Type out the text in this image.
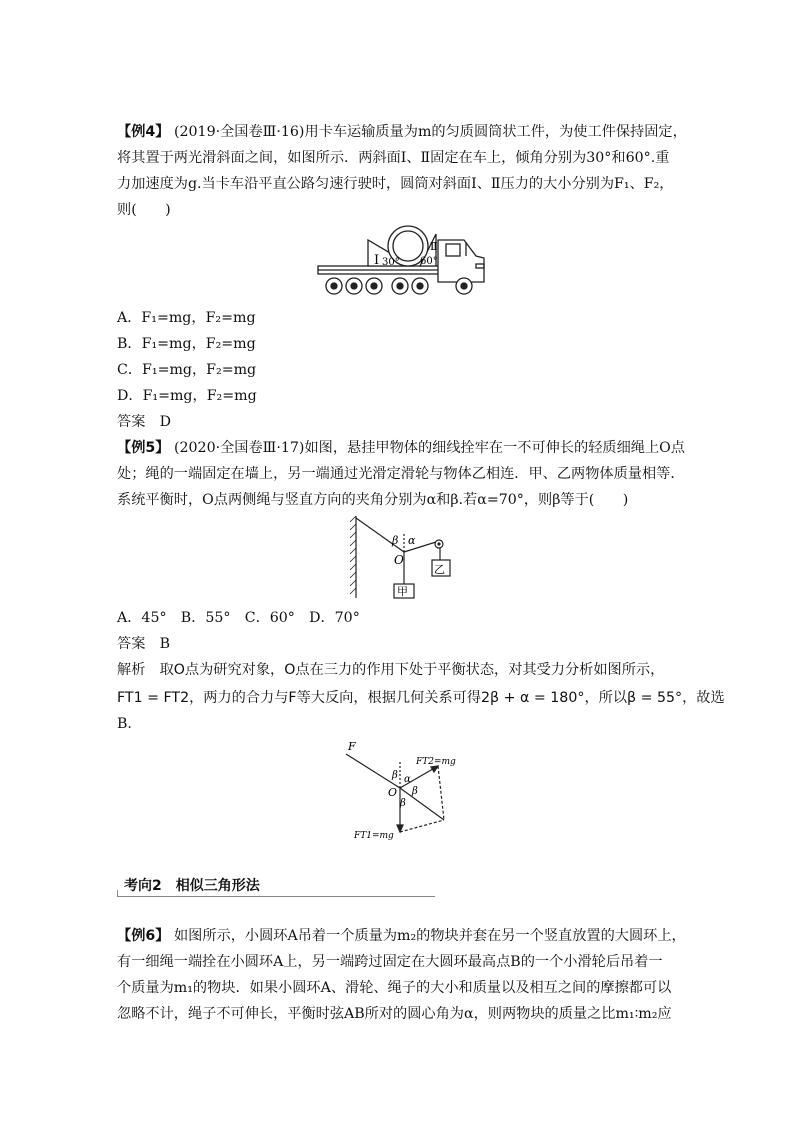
【例4】 (2019·全国卷Ⅲ·16)用卡车运输质量为m的匀质圆筒状工件，为使工件保持固定，
将其置于两光滑斜面之间，如图所示．两斜面Ⅰ、Ⅱ固定在车上，倾角分别为30°和60°.重
力加速度为g.当卡车沿平直公路匀速行驶时，圆筒对斜面Ⅰ、Ⅱ压力的大小分别为F₁、F₂，
则(　　)
Ⅰ 30°
Ⅱ
60°
A．F₁=mg，F₂=mg
B．F₁=mg，F₂=mg
C．F₁=mg，F₂=mg
D．F₁=mg，F₂=mg
答案　D
【例5】 (2020·全国卷Ⅲ·17)如图，悬挂甲物体的细线拴牢在一不可伸长的轻质细绳上O点
处；绳的一端固定在墙上，另一端通过光滑定滑轮与物体乙相连．甲、乙两物体质量相等．
系统平衡时，O点两侧绳与竖直方向的夹角分别为α和β.若α=70°，则β等于(　　)
β α
O
甲
乙
A．45°　B．55°　C．60°　D．70°
答案　B
解析　取O点为研究对象，O点在三力的作用下处于平衡状态，对其受力分析如图所示，
FT1 = FT2，两力的合力与F等大反向，根据几何关系可得2β + α = 180°，所以β = 55°，故选
B.
F
FT2=mg
FT1=mg
O
α
β
β
β
考向2　相似三角形法
【例6】 如图所示，小圆环A吊着一个质量为m₂的物块并套在另一个竖直放置的大圆环上，
有一细绳一端拴在小圆环A上，另一端跨过固定在大圆环最高点B的一个小滑轮后吊着一
个质量为m₁的物块．如果小圆环A、滑轮、绳子的大小和质量以及相互之间的摩擦都可以
忽略不计，绳子不可伸长，平衡时弦AB所对的圆心角为α，则两物块的质量之比m₁∶m₂应
